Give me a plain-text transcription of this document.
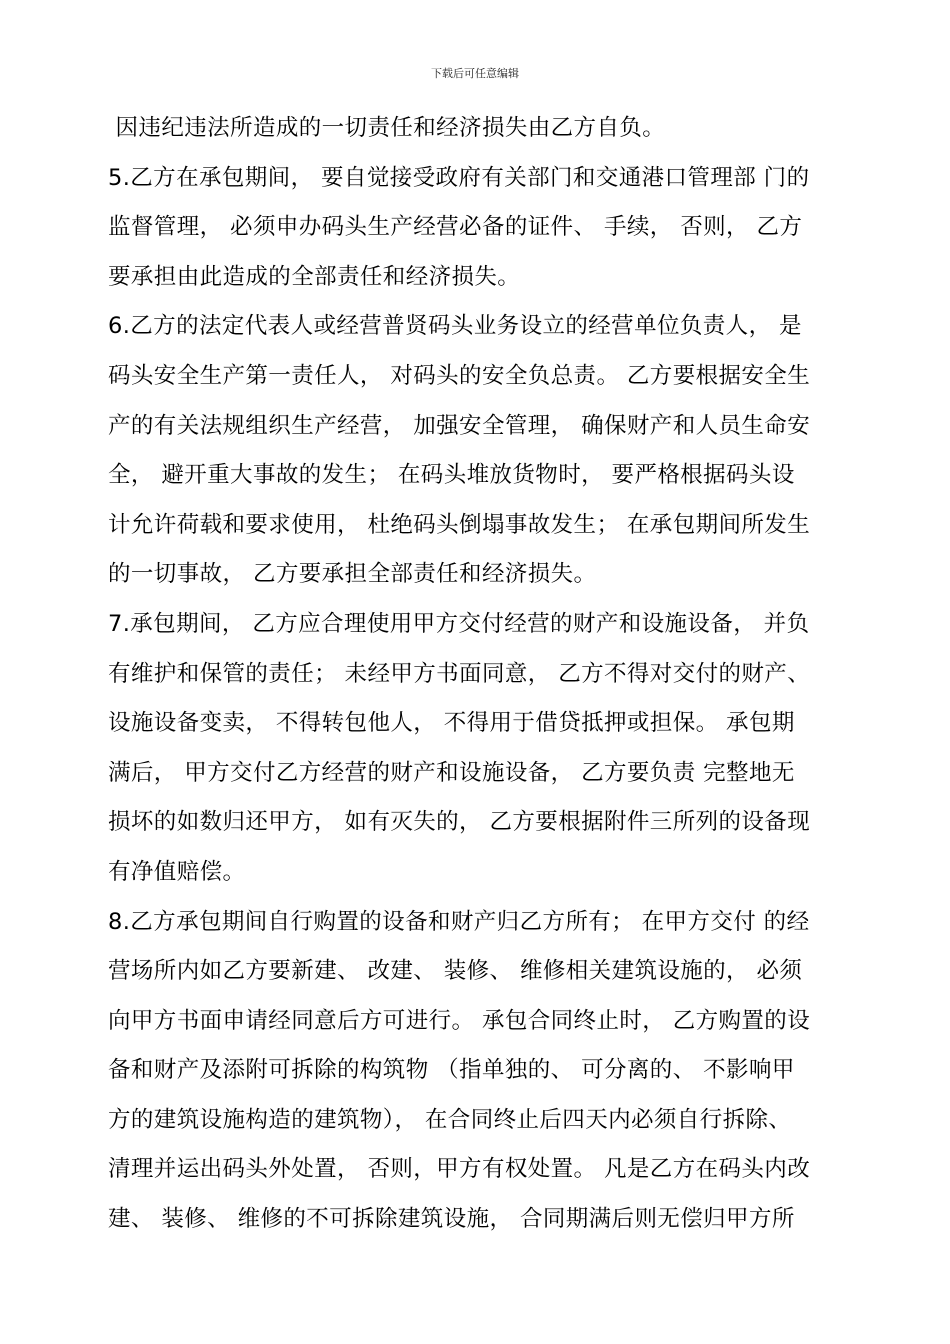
下载后可任意编辑
因违纪违法所造成的一切责任和经济损失由乙方自负。
5.乙方在承包期间， 要自觉接受政府有关部门和交通港口管理部 门的
监督管理， 必须申办码头生产经营必备的证件、 手续， 否则， 乙方
要承担由此造成的全部责任和经济损失。
6.乙方的法定代表人或经营普贤码头业务设立的经营单位负责人， 是
码头安全生产第一责任人， 对码头的安全负总责。 乙方要根据安全生
产的有关法规组织生产经营， 加强安全管理， 确保财产和人员生命安
全， 避开重大事故的发生； 在码头堆放货物时， 要严格根据码头设
计允许荷载和要求使用， 杜绝码头倒塌事故发生； 在承包期间所发生
的一切事故， 乙方要承担全部责任和经济损失。
7.承包期间， 乙方应合理使用甲方交付经营的财产和设施设备， 并负
有维护和保管的责任； 未经甲方书面同意， 乙方不得对交付的财产、
设施设备变卖， 不得转包他人， 不得用于借贷抵押或担保。 承包期
满后， 甲方交付乙方经营的财产和设施设备， 乙方要负责 完整地无
损坏的如数归还甲方， 如有灭失的， 乙方要根据附件三所列的设备现
有净值赔偿。
8.乙方承包期间自行购置的设备和财产归乙方所有； 在甲方交付 的经
营场所内如乙方要新建、 改建、 装修、 维修相关建筑设施的， 必须
向甲方书面申请经同意后方可进行。 承包合同终止时， 乙方购置的设
备和财产及添附可拆除的构筑物 （指单独的、 可分离的、 不影响甲
方的建筑设施构造的建筑物）， 在合同终止后四天内必须自行拆除、
清理并运出码头外处置， 否则，甲方有权处置。 凡是乙方在码头内改
建、 装修、 维修的不可拆除建筑设施， 合同期满后则无偿归甲方所
